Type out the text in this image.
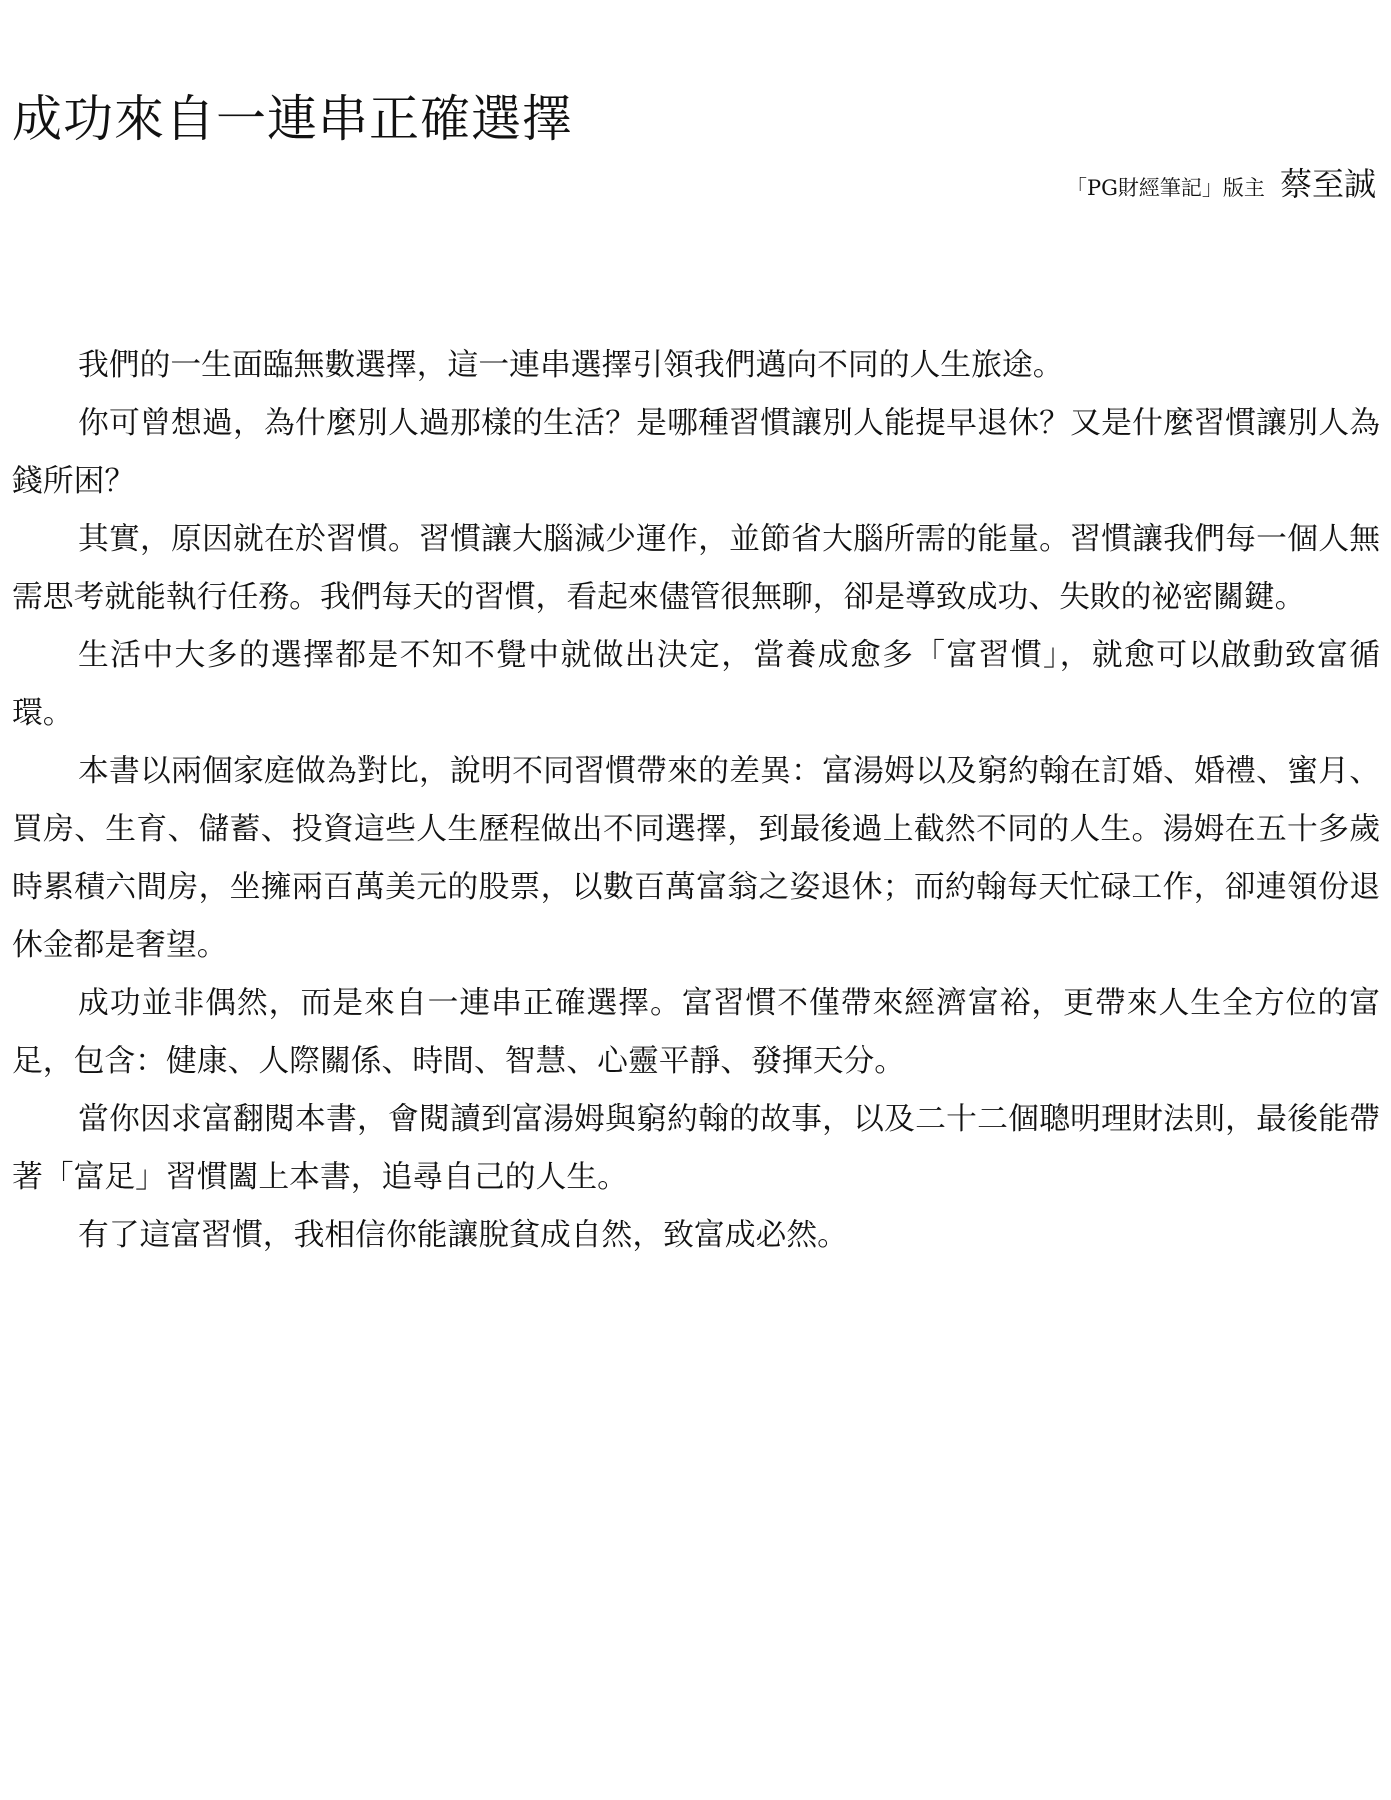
成功來自一連串正確選擇
「PG財經筆記」版主 蔡至誠

我們的一生面臨無數選擇，這一連串選擇引領我們邁向不同的人生旅途。

你可曾想過，為什麼別人過那樣的生活？是哪種習慣讓別人能提早退休？又是什麼習慣讓別人為錢所困？

其實，原因就在於習慣。習慣讓大腦減少運作，並節省大腦所需的能量。習慣讓我們每一個人無需思考就能執行任務。我們每天的習慣，看起來儘管很無聊，卻是導致成功、失敗的祕密關鍵。

生活中大多的選擇都是不知不覺中就做出決定，當養成愈多「富習慣」，就愈可以啟動致富循環。

本書以兩個家庭做為對比，說明不同習慣帶來的差異：富湯姆以及窮約翰在訂婚、婚禮、蜜月、買房、生育、儲蓄、投資這些人生歷程做出不同選擇，到最後過上截然不同的人生。湯姆在五十多歲時累積六間房，坐擁兩百萬美元的股票，以數百萬富翁之姿退休；而約翰每天忙碌工作，卻連領份退休金都是奢望。

成功並非偶然，而是來自一連串正確選擇。富習慣不僅帶來經濟富裕，更帶來人生全方位的富足，包含：健康、人際關係、時間、智慧、心靈平靜、發揮天分。

當你因求富翻閱本書，會閱讀到富湯姆與窮約翰的故事，以及二十二個聰明理財法則，最後能帶著「富足」習慣闔上本書，追尋自己的人生。

有了這富習慣，我相信你能讓脫貧成自然，致富成必然。
